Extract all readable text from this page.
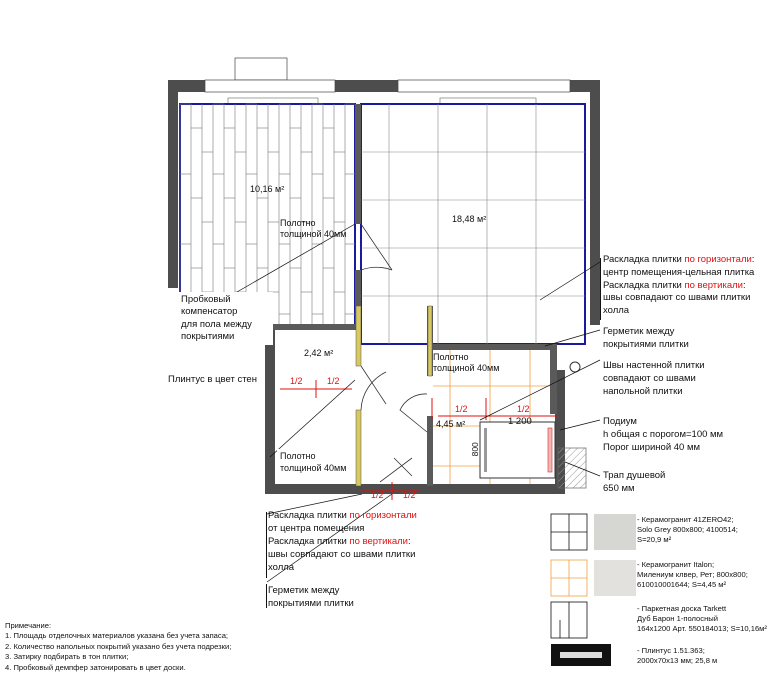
10,16 м²
18,48 м²
2,42 м²
4,45 м²
Полотно
толщиной 40мм
Полотно
толщиной 40мм
Полотно
толщиной 40мм
Пробковый
компенсатор
для пола между
покрытиями
Плинтус в цвет стен	1/2	1/2
1/2	1/2
1/2 1/2
1 200
800
Раскладка плитки по горизонтали:
центр помещения-цельная плитка
Раскладка плитки по вертикали:
швы совпадают со швами плитки
холла
Герметик между
покрытиями плитки
Швы настенной плитки
совпадают со швами
напольной плитки
Подиум
h общая с порогом=100 мм
Порог шириной 40 мм
Трап душевой
650 мм
Раскладка плитки по горизонтали
от центра помещения
Раскладка плитки по вертикали:
швы совпадают со швами плитки
холла
Герметик между
покрытиями плитки
Примечание:
1. Площадь отделочных материалов указана без учета запаса;
2. Количество напольных покрытий указано без учета подрезки;
3. Затирку подбирать в тон плитки;
4. Пробковый демпфер затонировать в цвет доски.
- Керамогранит 41ZERO42;
Solo Grey 800х800; 4100514;
S=20,9 м²
- Керамогранит Italon;
Милениум клвер, Рет; 800х800;
610010001644; S=4,45 м²
- Паркетная доска Tarkett
Дуб Барон 1-полосный
164х1200 Арт. 550184013; S=10,16м²
- Плинтус 1.51.363;
2000х70х13 мм; 25,8 м
